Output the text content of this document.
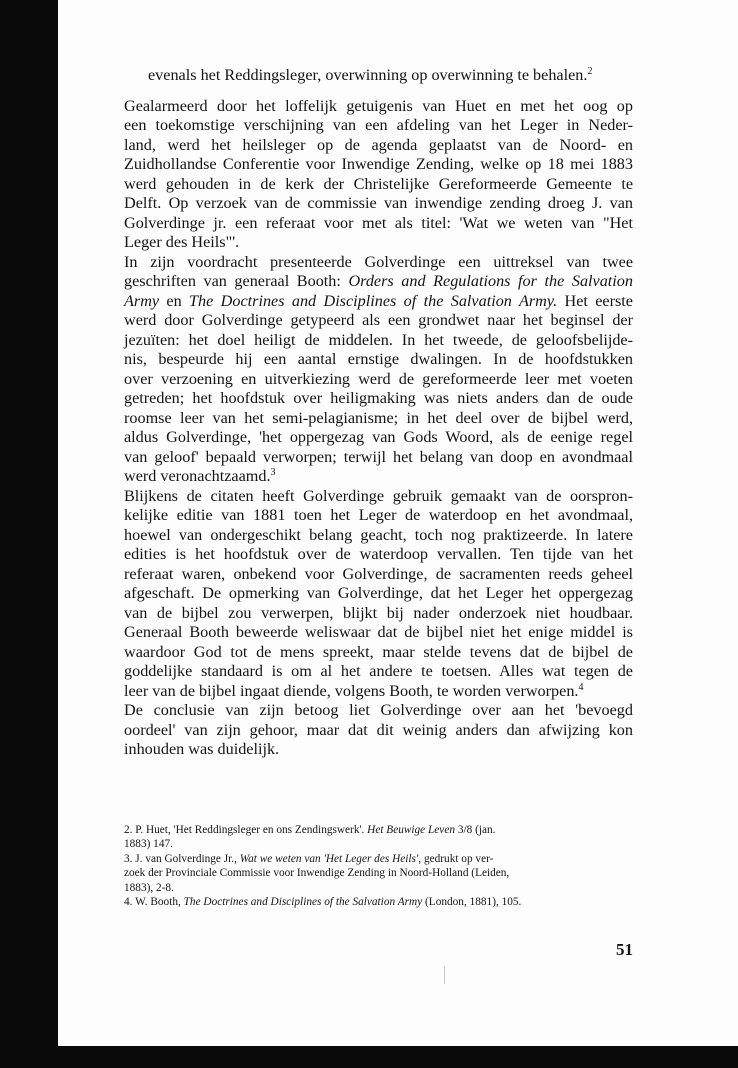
evenals het Reddingsleger, overwinning op overwinning te behalen.$^2$
Gealarmeerd door het loffelijk getuigenis van Huet en met het oog op
een toekomstige verschijning van een afdeling van het Leger in Neder-
land, werd het heilsleger op de agenda geplaatst van de Noord- en
Zuidhollandse Conferentie voor Inwendige Zending, welke op 18 mei 1883
werd gehouden in de kerk der Christelijke Gereformeerde Gemeente te
Delft. Op verzoek van de commissie van inwendige zending droeg J. van
Golverdinge jr. een referaat voor met als titel: 'Wat we weten van "Het
Leger des Heils"'.
In zijn voordracht presenteerde Golverdinge een uittreksel van twee
geschriften van generaal Booth: Orders and Regulations for the Salvation
Army en The Doctrines and Disciplines of the Salvation Army. Het eerste
werd door Golverdinge getypeerd als een grondwet naar het beginsel der
jezuïten: het doel heiligt de middelen. In het tweede, de geloofsbelijde-
nis, bespeurde hij een aantal ernstige dwalingen. In de hoofdstukken
over verzoening en uitverkiezing werd de gereformeerde leer met voeten
getreden; het hoofdstuk over heiligmaking was niets anders dan de oude
roomse leer van het semi-pelagianisme; in het deel over de bijbel werd,
aldus Golverdinge, 'het oppergezag van Gods Woord, als de eenige regel
van geloof' bepaald verworpen; terwijl het belang van doop en avondmaal
werd veronachtzaamd.$^3$
Blijkens de citaten heeft Golverdinge gebruik gemaakt van de oorspron-
kelijke editie van 1881 toen het Leger de waterdoop en het avondmaal,
hoewel van ondergeschikt belang geacht, toch nog praktizeerde. In latere
edities is het hoofdstuk over de waterdoop vervallen. Ten tijde van het
referaat waren, onbekend voor Golverdinge, de sacramenten reeds geheel
afgeschaft. De opmerking van Golverdinge, dat het Leger het oppergezag
van de bijbel zou verwerpen, blijkt bij nader onderzoek niet houdbaar.
Generaal Booth beweerde weliswaar dat de bijbel niet het enige middel is
waardoor God tot de mens spreekt, maar stelde tevens dat de bijbel de
goddelijke standaard is om al het andere te toetsen. Alles wat tegen de
leer van de bijbel ingaat diende, volgens Booth, te worden verworpen.$^4$
De conclusie van zijn betoog liet Golverdinge over aan het 'bevoegd
oordeel' van zijn gehoor, maar dat dit weinig anders dan afwijzing kon
inhouden was duidelijk.
2. P. Huet, 'Het Reddingsleger en ons Zendingswerk'. Het Beuwige Leven 3/8 (jan.
1883) 147.
3. J. van Golverdinge Jr., Wat we weten van 'Het Leger des Heils', gedrukt op ver-
zoek der Provinciale Commissie voor Inwendige Zending in Noord-Holland (Leiden,
1883), 2-8.
4. W. Booth, The Doctrines and Disciplines of the Salvation Army (London, 1881), 105.
51
